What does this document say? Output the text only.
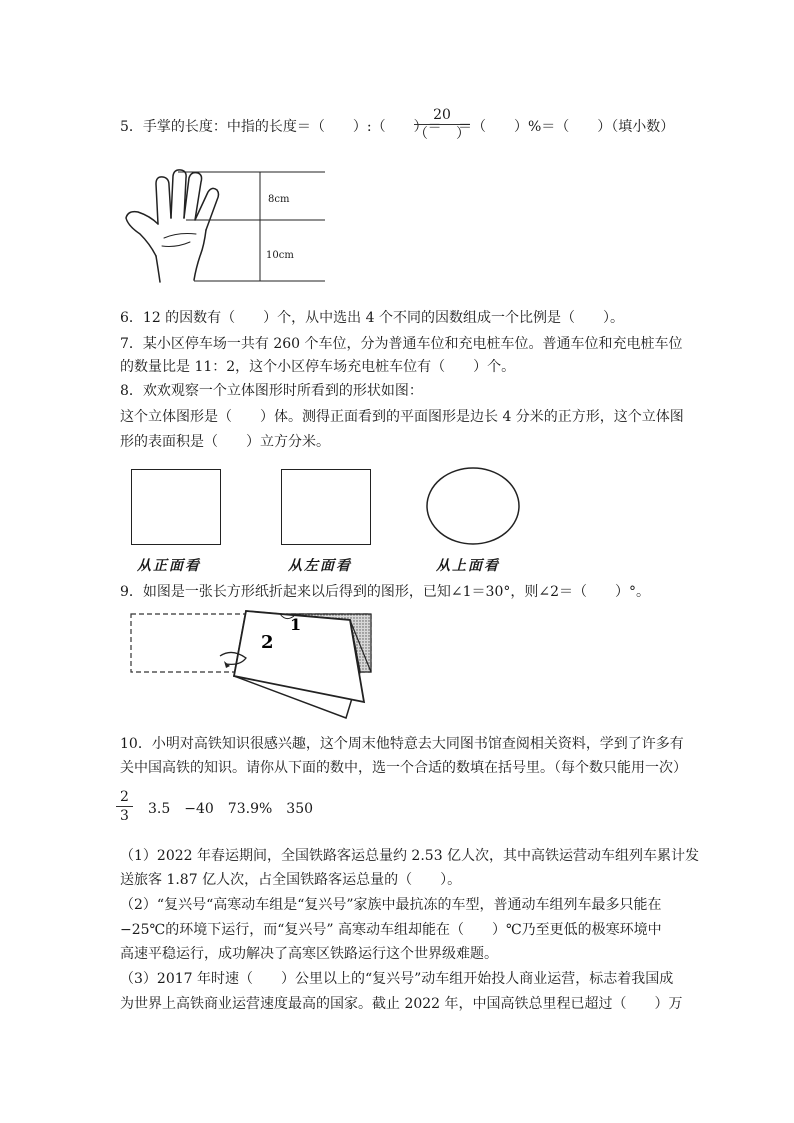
5．手掌的长度：中指的长度＝（　　）:（　　）＝
20
（　　）
＝（　　）%＝（　　）（填小数）
8cm
10cm
6．12 的因数有（　　）个，从中选出 4 个不同的因数组成一个比例是（　　）。
7．某小区停车场一共有 260 个车位，分为普通车位和充电桩车位。普通车位和充电桩车位
的数量比是 11：2，这个小区停车场充电桩车位有（　　）个。
8．欢欢观察一个立体图形时所看到的形状如图：
这个立体图形是（　　）体。测得正面看到的平面图形是边长 4 分米的正方形，这个立体图
形的表面积是（　　）立方分米。
从正面看	从左面看	从上面看
9．如图是一张长方形纸折起来以后得到的图形，已知∠1＝30°，则∠2＝（　　）°。
1
2
10．小明对高铁知识很感兴趣，这个周末他特意去大同图书馆查阅相关资料，学到了许多有
关中国高铁的知识。请你从下面的数中，选一个合适的数填在括号里。（每个数只能用一次）
$\frac{2}{3} 3.5$　−40　73.9%　350
（1）2022 年春运期间，全国铁路客运总量约 2.53 亿人次，其中高铁运营动车组列车累计发
送旅客 1.87 亿人次，占全国铁路客运总量的（　　）。
（2）“复兴号“高寒动车组是“复兴号”家族中最抗冻的车型，普通动车组列车最多只能在
−25℃的环境下运行，而“复兴号” 高寒动车组却能在（　　）℃乃至更低的极寒环境中
高速平稳运行，成功解决了高寒区铁路运行这个世界级难题。
（3）2017 年时速（　　）公里以上的“复兴号”动车组开始投人商业运营，标志着我国成
为世界上高铁商业运营速度最高的国家。截止 2022 年，中国高铁总里程已超过（　　）万
